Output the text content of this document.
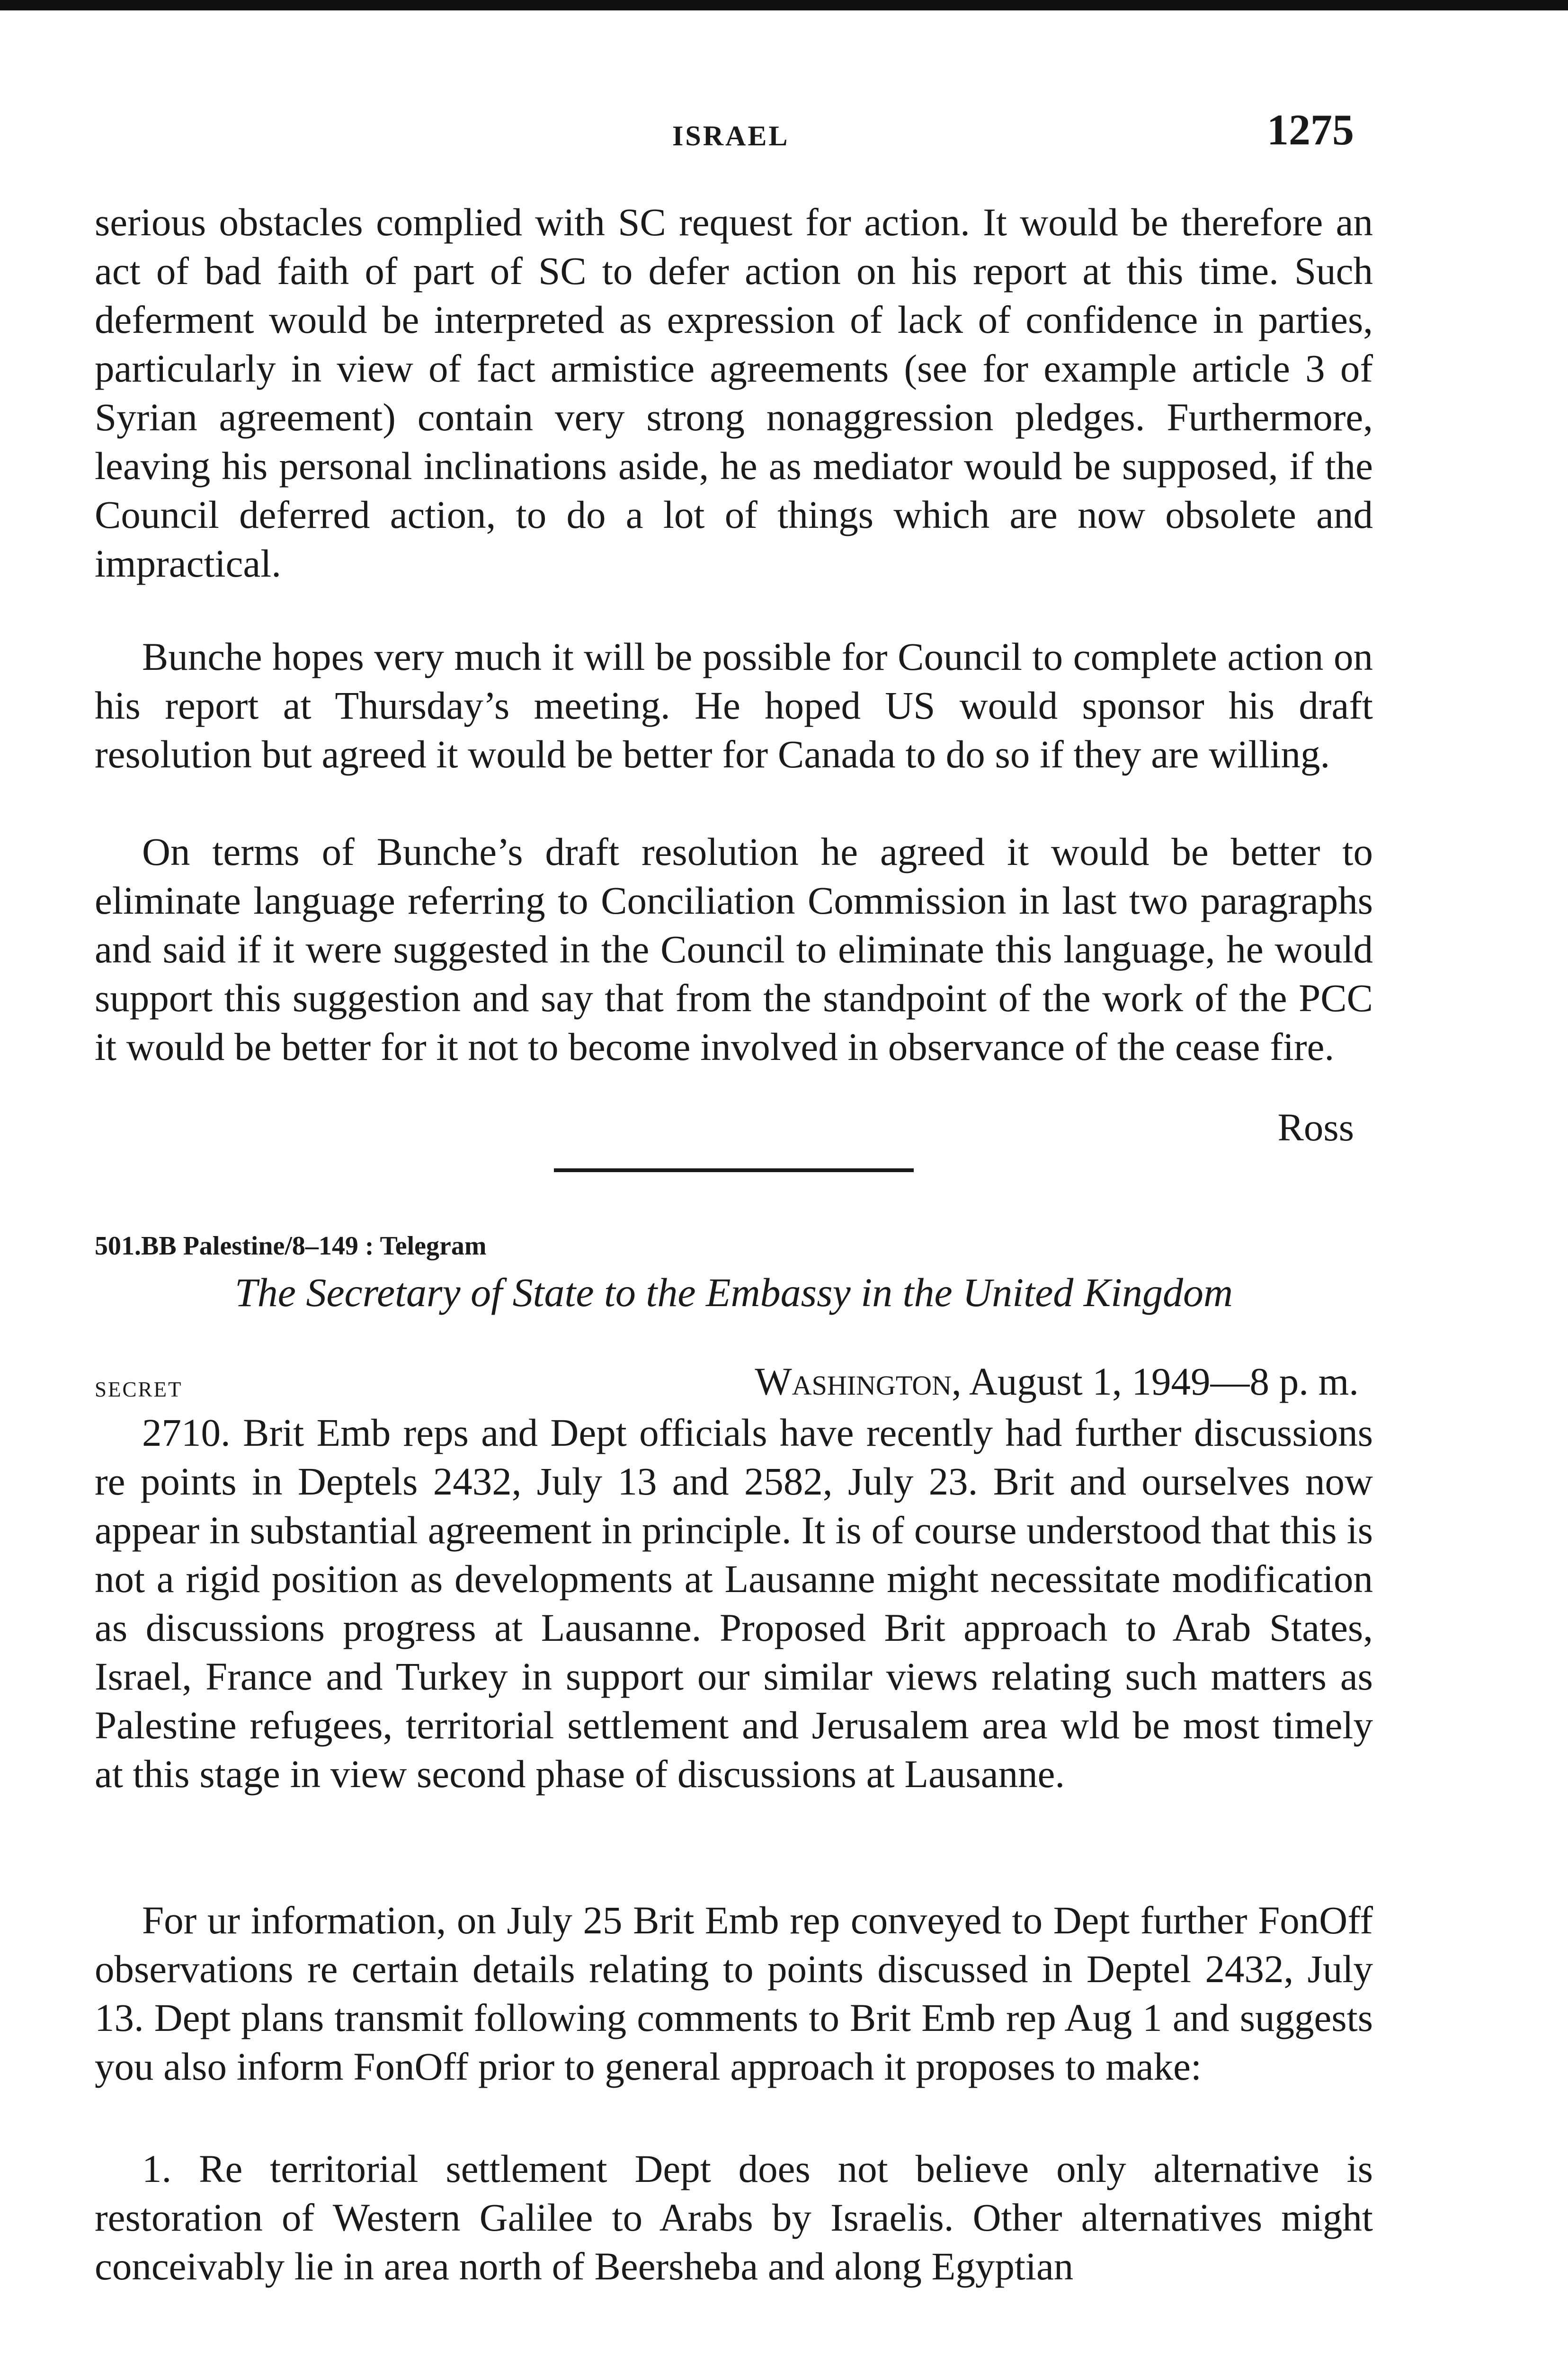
ISRAEL	1275

serious obstacles complied with SC request for action. It would be therefore an act of bad faith of part of SC to defer action on his report at this time. Such deferment would be interpreted as expression of lack of confidence in parties, particularly in view of fact armistice agreements (see for example article 3 of Syrian agreement) contain very strong nonaggression pledges. Furthermore, leaving his personal inclinations aside, he as mediator would be supposed, if the Council deferred action, to do a lot of things which are now obsolete and impractical.

Bunche hopes very much it will be possible for Council to complete action on his report at Thursday’s meeting. He hoped US would sponsor his draft resolution but agreed it would be better for Canada to do so if they are willing.

On terms of Bunche’s draft resolution he agreed it would be better to eliminate language referring to Conciliation Commission in last two paragraphs and said if it were suggested in the Council to eliminate this language, he would support this suggestion and say that from the standpoint of the work of the PCC it would be better for it not to become involved in observance of the cease fire.

Ross
501.BB Palestine/8–149 : Telegram
The Secretary of State to the Embassy in the United Kingdom
secret	Washington, August 1, 1949—8 p. m.

2710. Brit Emb reps and Dept officials have recently had further discussions re points in Deptels 2432, July 13 and 2582, July 23. Brit and ourselves now appear in substantial agreement in principle. It is of course understood that this is not a rigid position as developments at Lausanne might necessitate modification as discussions progress at Lausanne. Proposed Brit approach to Arab States, Israel, France and Turkey in support our similar views relating such matters as Palestine refugees, territorial settlement and Jerusalem area wld be most timely at this stage in view second phase of discussions at Lausanne.

For ur information, on July 25 Brit Emb rep conveyed to Dept further FonOff observations re certain details relating to points discussed in Deptel 2432, July 13. Dept plans transmit following comments to Brit Emb rep Aug 1 and suggests you also inform FonOff prior to general approach it proposes to make:

1. Re territorial settlement Dept does not believe only alternative is restoration of Western Galilee to Arabs by Israelis. Other alternatives might conceivably lie in area north of Beersheba and along Egyptian
